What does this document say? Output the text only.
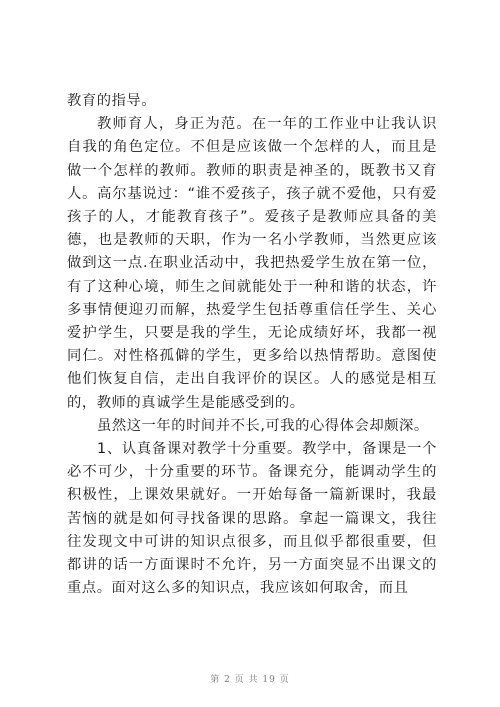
教育的指导。

教师育人，身正为范。在一年的工作业中让我认识自我的角色定位。不但是应该做一个怎样的人，而且是做一个怎样的教师。教师的职责是神圣的，既教书又育人。高尔基说过：“谁不爱孩子，孩子就不爱他，只有爱孩子的人，才能教育孩子”。爱孩子是教师应具备的美德，也是教师的天职，作为一名小学教师，当然更应该做到这一点.在职业活动中，我把热爱学生放在第一位，有了这种心境，师生之间就能处于一种和谐的状态，许多事情便迎刃而解，热爱学生包括尊重信任学生、关心爱护学生，只要是我的学生，无论成绩好坏，我都一视同仁。对性格孤僻的学生，更多给以热情帮助。意图使他们恢复自信，走出自我评价的误区。人的感觉是相互的，教师的真诚学生是能感受到的。

虽然这一年的时间并不长,可我的心得体会却颇深。

1、认真备课对教学十分重要。教学中，备课是一个必不可少，十分重要的环节。备课充分，能调动学生的积极性，上课效果就好。一开始每备一篇新课时，我最苦恼的就是如何寻找备课的思路。拿起一篇课文，我往往发现文中可讲的知识点很多，而且似乎都很重要，但都讲的话一方面课时不允许，另一方面突显不出课文的重点。面对这么多的知识点，我应该如何取舍，而且

第 2 页 共 19 页
